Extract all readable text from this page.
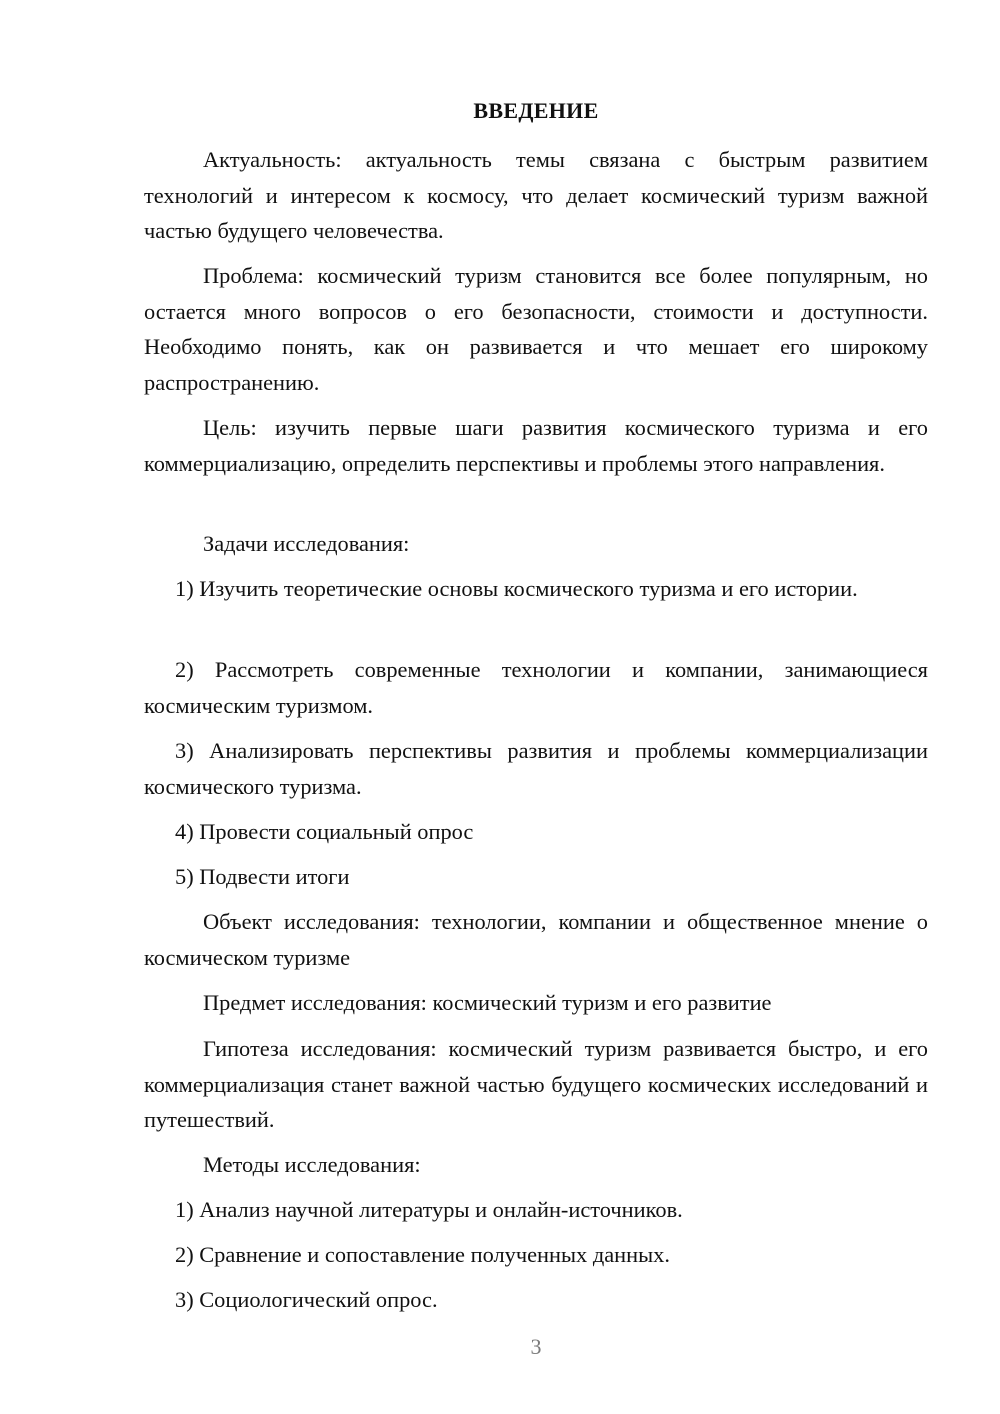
ВВЕДЕНИЕ

Актуальность: актуальность темы связана с быстрым развитием технологий и интересом к космосу, что делает космический туризм важной частью будущего человечества.

Проблема: космический туризм становится все более популярным, но остается много вопросов о его безопасности, стоимости и доступности. Необходимо понять, как он развивается и что мешает его широкому распространению.

Цель: изучить первые шаги развития космического туризма и его коммерциализацию, определить перспективы и проблемы этого направления.

Задачи исследования:

1) Изучить теоретические основы космического туризма и его истории.

2) Рассмотреть современные технологии и компании, занимающиеся космическим туризмом.

3) Анализировать перспективы развития и проблемы коммерциализации космического туризма.

4) Провести социальный опрос

5) Подвести итоги

Объект исследования: технологии, компании и общественное мнение о космическом туризме

Предмет исследования: космический туризм и его развитие

Гипотеза исследования: космический туризм развивается быстро, и его коммерциализация станет важной частью будущего космических исследований и путешествий.

Методы исследования:

1) Анализ научной литературы и онлайн-источников.

2) Сравнение и сопоставление полученных данных.

3) Социологический опрос.

3
